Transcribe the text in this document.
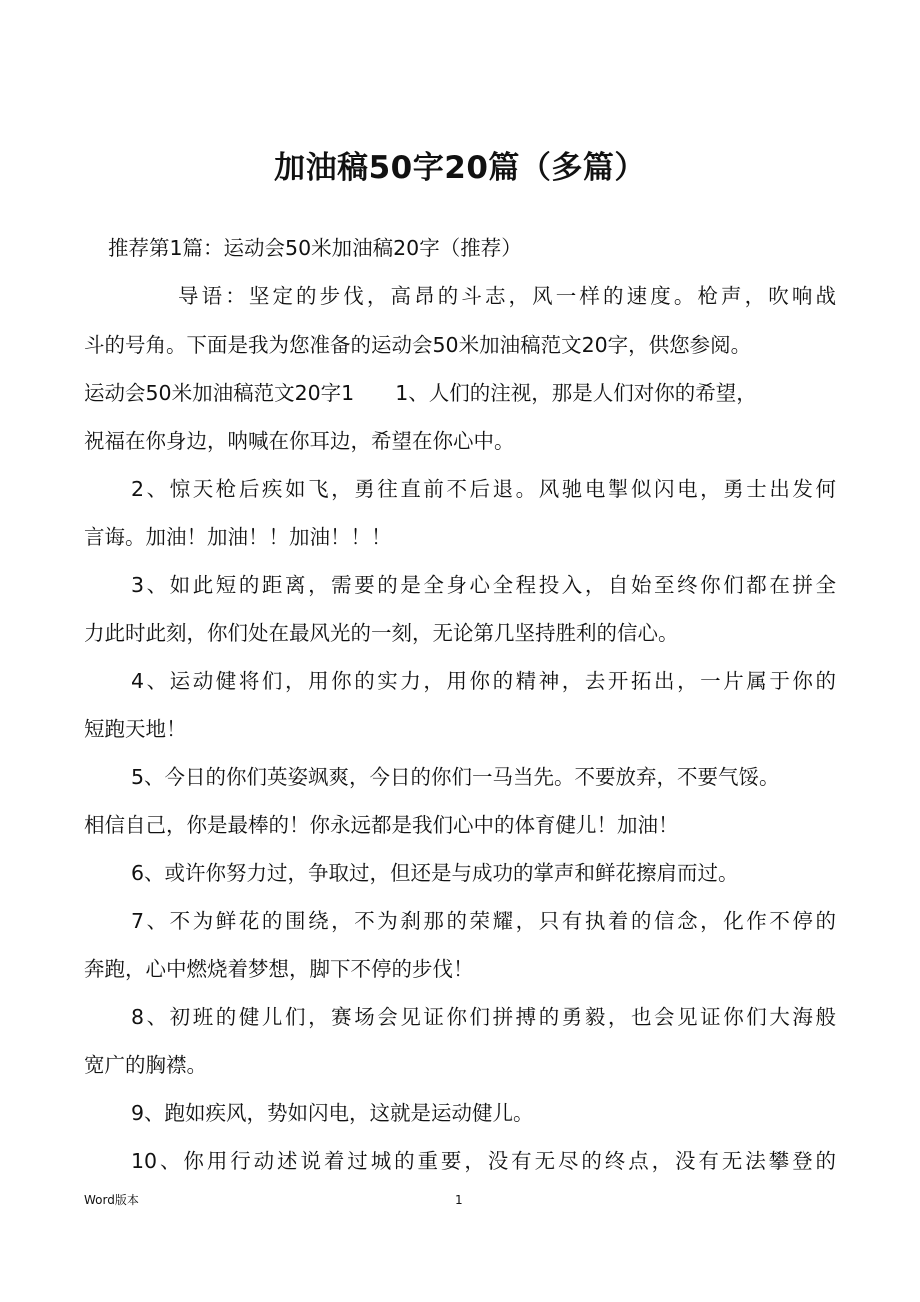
加油稿50字20篇（多篇）
推荐第1篇：运动会50米加油稿20字（推荐）
导语：坚定的步伐，高昂的斗志，风一样的速度。枪声，吹响战
斗的号角。下面是我为您准备的运动会50米加油稿范文20字，供您参阅。
运动会50米加油稿范文20字1　　1、人们的注视，那是人们对你的希望，
祝福在你身边，呐喊在你耳边，希望在你心中。
2、惊天枪后疾如飞，勇往直前不后退。风驰电掣似闪电，勇士出发何
言诲。加油！加油！！加油！！！
3、如此短的距离，需要的是全身心全程投入，自始至终你们都在拼全
力此时此刻，你们处在最风光的一刻，无论第几坚持胜利的信心。
4、运动健将们，用你的实力，用你的精神，去开拓出，一片属于你的
短跑天地！
5、今日的你们英姿飒爽，今日的你们一马当先。不要放弃，不要气馁。
相信自己，你是最棒的！你永远都是我们心中的体育健儿！加油！
6、或许你努力过，争取过，但还是与成功的掌声和鲜花擦肩而过。
7、不为鲜花的围绕，不为刹那的荣耀，只有执着的信念，化作不停的
奔跑，心中燃烧着梦想，脚下不停的步伐！
8、初班的健儿们，赛场会见证你们拼搏的勇毅，也会见证你们大海般
宽广的胸襟。
9、跑如疾风，势如闪电，这就是运动健儿。
10、你用行动述说着过城的重要，没有无尽的终点，没有无法攀登的
Word版本	1
